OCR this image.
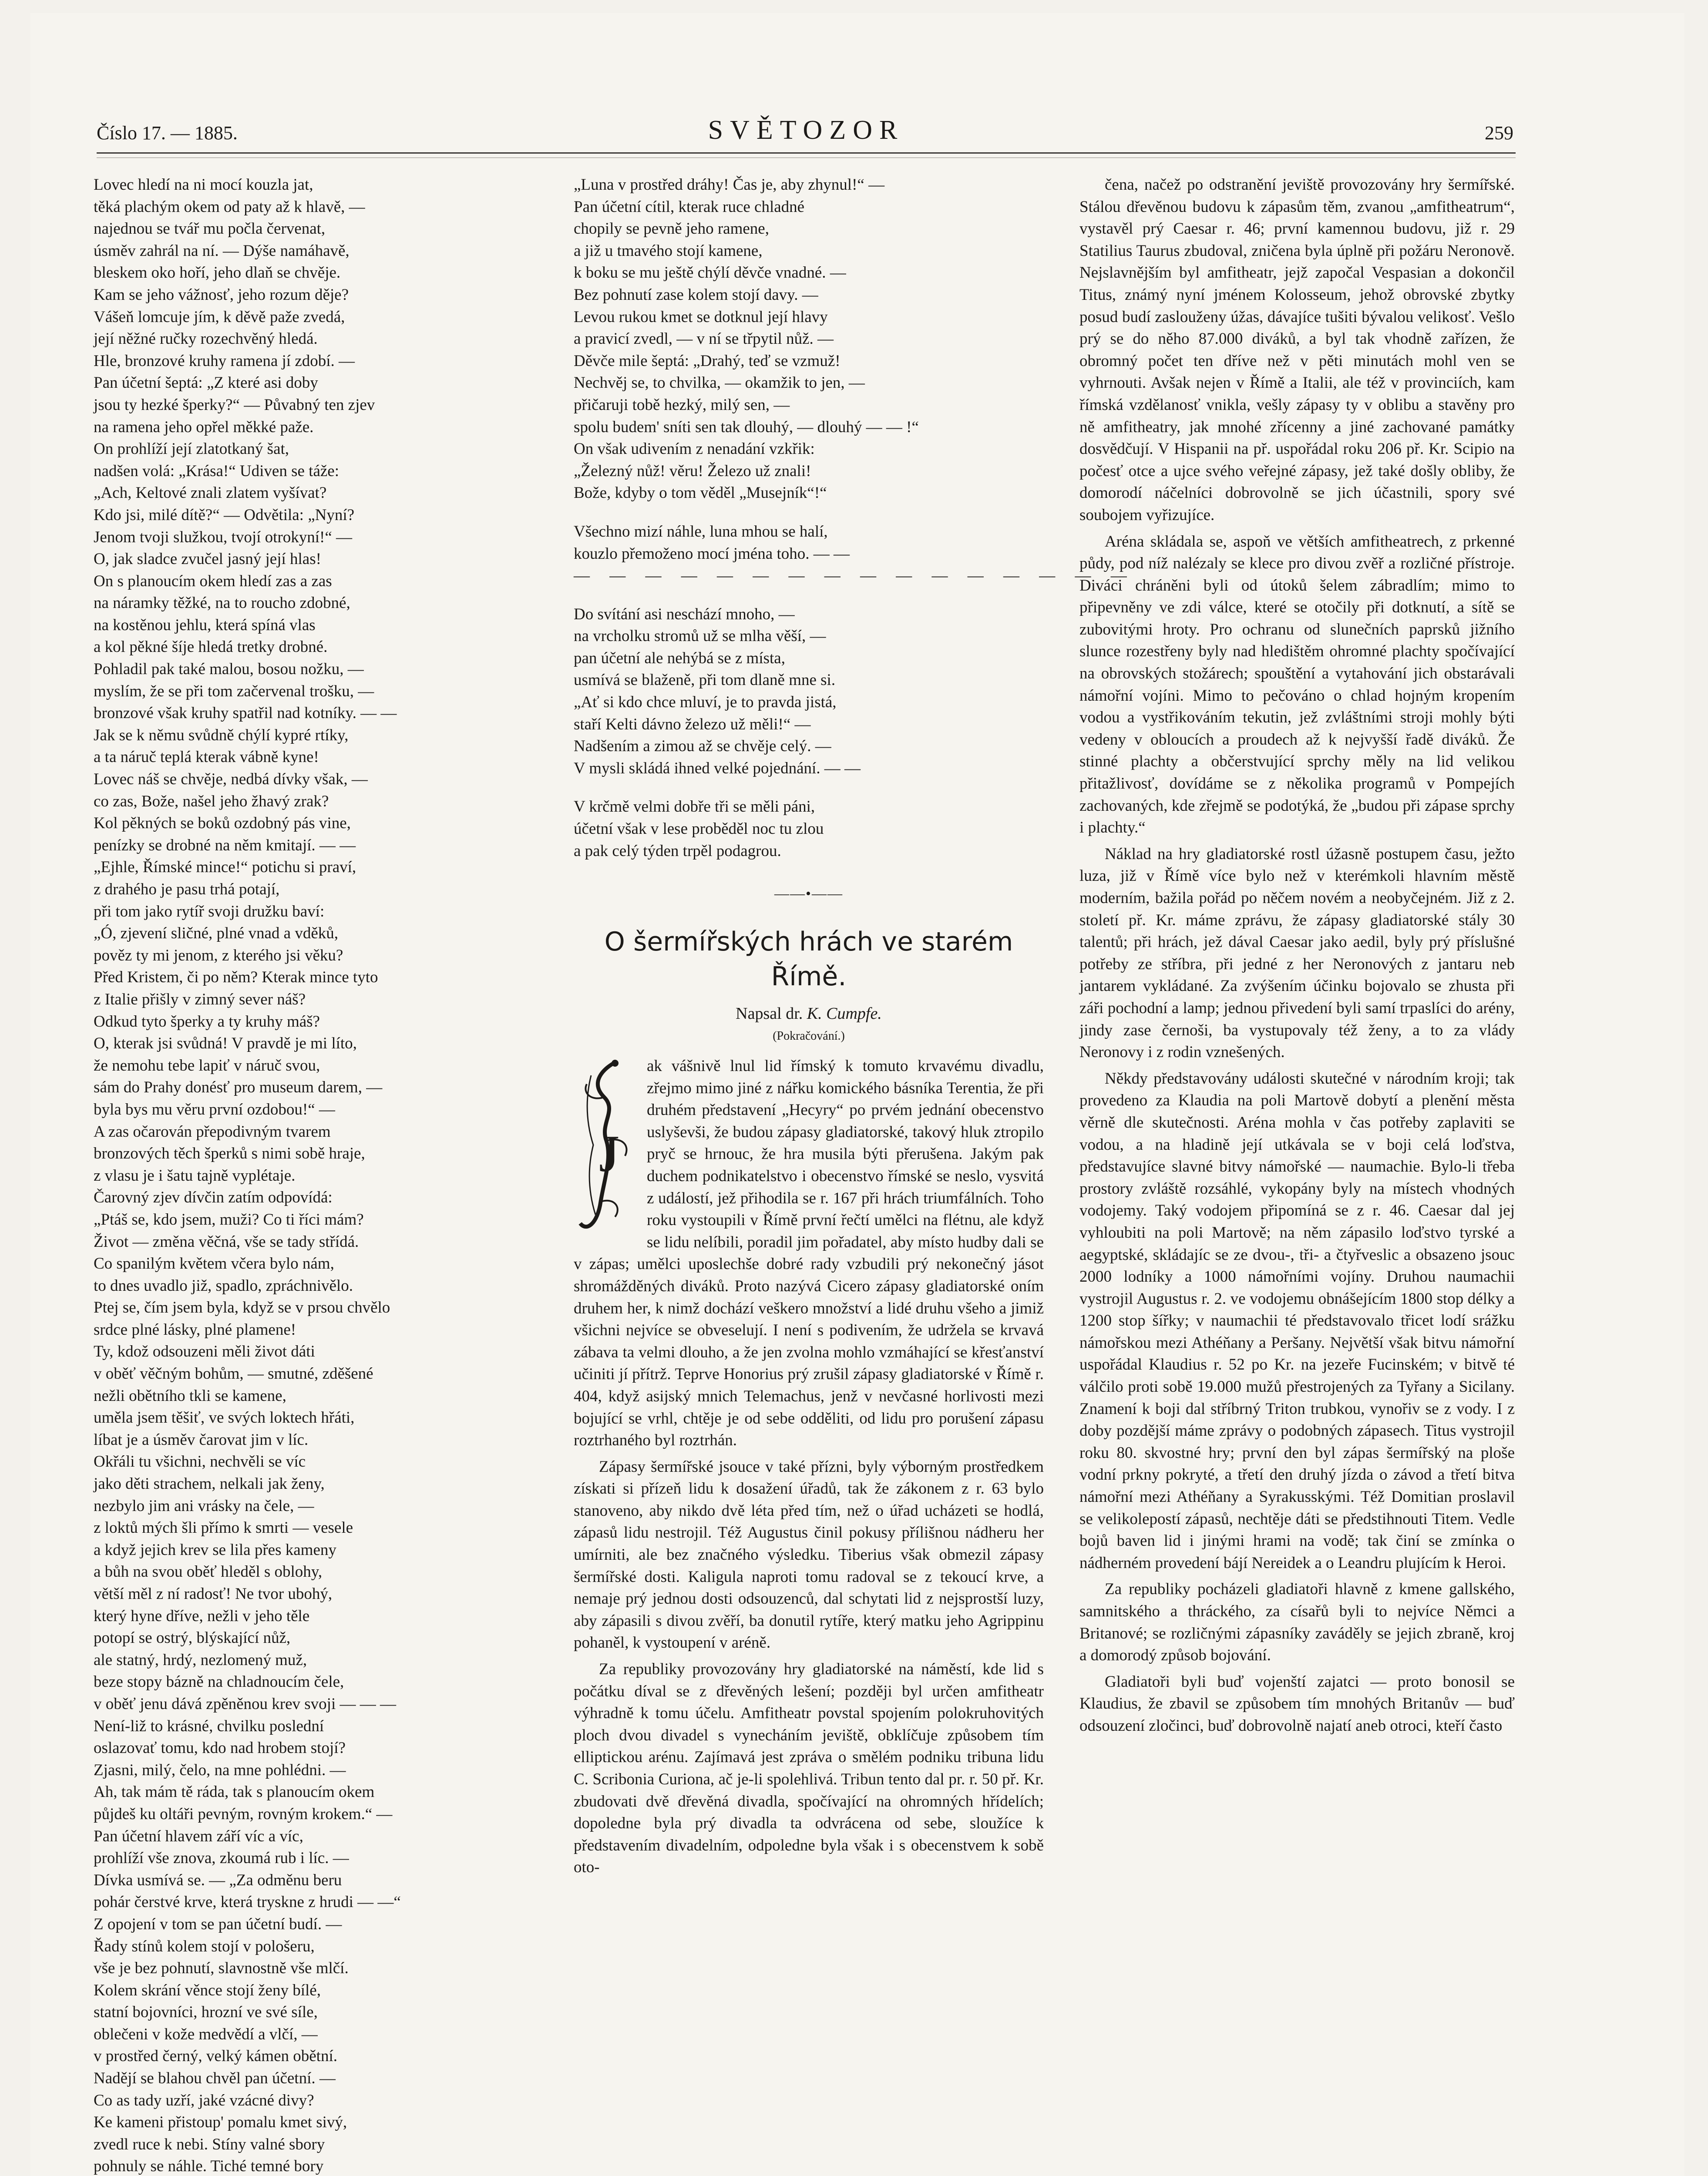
Číslo 17. — 1885.	SVĚTOZOR	259
Lovec hledí na ni mocí kouzla jat,
těká plachým okem od paty až k hlavě, —
najednou se tvář mu počla červenat,
úsměv zahrál na ní. — Dýše namáhavě,
bleskem oko hoří, jeho dlaň se chvěje.
Kam se jeho vážnosť, jeho rozum děje?
Vášeň lomcuje jím, k děvě paže zvedá,
její něžné ručky rozechvěný hledá.
Hle, bronzové kruhy ramena jí zdobí. —
Pan účetní šeptá: „Z které asi doby
jsou ty hezké šperky?“ — Půvabný ten zjev
na ramena jeho opřel měkké paže.
On prohlíží její zlatotkaný šat,
nadšen volá: „Krása!“ Udiven se táže:
„Ach, Keltové znali zlatem vyšívat?
Kdo jsi, milé dítě?“ — Odvětila: „Nyní?
Jenom tvoji služkou, tvojí otrokyní!“ —
O, jak sladce zvučel jasný její hlas!
On s planoucím okem hledí zas a zas
na náramky těžké, na to roucho zdobné,
na kostěnou jehlu, která spíná vlas
a kol pěkné šíje hledá tretky drobné.
Pohladil pak také malou, bosou nožku, —
myslím, že se při tom začervenal trošku, —
bronzové však kruhy spatřil nad kotníky. — —
Jak se k němu svůdně chýlí kypré rtíky,
a ta náruč teplá kterak vábně kyne!
Lovec náš se chvěje, nedbá dívky však, —
co zas, Bože, našel jeho žhavý zrak?
Kol pěkných se boků ozdobný pás vine,
penízky se drobné na něm kmitají. — —
„Ejhle, Římské mince!“ potichu si praví,
z drahého je pasu trhá potají,
při tom jako rytíř svoji družku baví:
„Ó, zjevení sličné, plné vnad a vděků,
pověz ty mi jenom, z kterého jsi věku?
Před Kristem, či po něm? Kterak mince tyto
z Italie přišly v zimný sever náš?
Odkud tyto šperky a ty kruhy máš?
O, kterak jsi svůdná! V pravdě je mi líto,
že nemohu tebe lapiť v náruč svou,
sám do Prahy donésť pro museum darem, —
byla bys mu věru první ozdobou!“ —
A zas očarován přepodivným tvarem
bronzových těch šperků s nimi sobě hraje,
z vlasu je i šatu tajně vyplétaje.
Čarovný zjev dívčin zatím odpovídá:
„Ptáš se, kdo jsem, muži? Co ti říci mám?
Život — změna věčná, vše se tady střídá.
Co spanilým květem včera bylo nám,
to dnes uvadlo již, spadlo, zpráchnivělo.
Ptej se, čím jsem byla, když se v prsou chvělo
srdce plné lásky, plné plamene!
Ty, kdož odsouzeni měli život dáti
v oběť věčným bohům, — smutné, zděšené
nežli obětního tkli se kamene,
uměla jsem těšiť, ve svých loktech hřáti,
líbat je a úsměv čarovat jim v líc.
Okřáli tu všichni, nechvěli se víc
jako děti strachem, nelkali jak ženy,
nezbylo jim ani vrásky na čele, —
z loktů mých šli přímo k smrti — vesele
a když jejich krev se lila přes kameny
a bůh na svou oběť hleděl s oblohy,
větší měl z ní radosť! Ne tvor ubohý,
který hyne dříve, nežli v jeho těle
potopí se ostrý, blýskající nůž,
ale statný, hrdý, nezlomený muž,
beze stopy bázně na chladnoucím čele,
v oběť jenu dává zpěněnou krev svoji — — —
Není-liž to krásné, chvilku poslední
oslazovať tomu, kdo nad hrobem stojí?
Zjasni, milý, čelo, na mne pohlédni. —
Ah, tak mám tě ráda, tak s planoucím okem
půjdeš ku oltáři pevným, rovným krokem.“ —
Pan účetní hlavem září víc a víc,
prohlíží vše znova, zkoumá rub i líc. —
Dívka usmívá se. — „Za odměnu beru
pohár čerstvé krve, která tryskne z hrudi — —“
Z opojení v tom se pan účetní budí. —
Řady stínů kolem stojí v pološeru,
vše je bez pohnutí, slavnostně vše mlčí.
Kolem skrání věnce stojí ženy bílé,
statní bojovníci, hrozní ve své síle,
oblečeni v kože medvědí a vlčí, —
v prostřed černý, velký kámen obětní.
Nadějí se blahou chvěl pan účetní. —
Co as tady uzří, jaké vzácné divy?
Ke kameni přistoup' pomalu kmet sivý,
zvedl ruce k nebi. Stíny valné sbory
pohnuly se náhle. Tiché temné bory
„Luna v prostřed dráhy! Čas je, aby zhynul!“ —
Pan účetní cítil, kterak ruce chladné
chopily se pevně jeho ramene,
a již u tmavého stojí kamene,
k boku se mu ještě chýlí děvče vnadné. —
Bez pohnutí zase kolem stojí davy. —
Levou rukou kmet se dotknul její hlavy
a pravicí zvedl, — v ní se třpytil nůž. —
Děvče mile šeptá: „Drahý, teď se vzmuž!
Nechvěj se, to chvilka, — okamžik to jen, —
přičaruji tobě hezký, milý sen, —
spolu budem' sníti sen tak dlouhý, — dlouhý — — !“
On však udivením z nenadání vzkřik:
„Železný nůž! věru! Železo už znali!
Bože, kdyby o tom věděl „Musejník“!“
Všechno mizí náhle, luna mhou se halí,
kouzlo přemoženo mocí jména toho. — —
— — — — — — — — — — — — — — — —
Do svítání asi neschází mnoho, —
na vrcholku stromů už se mlha věší, —
pan účetní ale nehýbá se z místa,
usmívá se blaženě, při tom dlaně mne si.
„Ať si kdo chce mluví, je to pravda jistá,
staří Kelti dávno železo už měli!“ —
Nadšením a zimou až se chvěje celý. —
V mysli skládá ihned velké pojednání. — —
V krčmě velmi dobře tři se měli páni,
účetní však v lese proběděl noc tu zlou
a pak celý týden trpěl podagrou.
——•——
O šermířských hrách ve starém
Římě.

Napsal dr. K. Cumpfe.

(Pokračování.)

J

ak vášnivě lnul lid římský k tomuto krvavému divadlu, zřejmo mimo jiné z nářku komického básníka Terentia, že při druhém představení „Hecyry“ po prvém jednání obecenstvo uslyševši, že budou zápasy gladiatorské, takový hluk ztropilo pryč se hrnouc, že hra musila býti přerušena. Jakým pak duchem podnikatelstvo i obecenstvo římské se neslo, vysvitá z událostí, jež přihodila se r. 167 při hrách triumfálních. Toho roku vystoupili v Římě první řečtí umělci na flétnu, ale když se lidu nelíbili, poradil jim pořadatel, aby místo hudby dali se v zápas; umělci uposlechše dobré rady vzbudili prý nekonečný jásot shromážděných diváků. Proto nazývá Cicero zápasy gladiatorské oním druhem her, k nimž dochází veškero množství a lidé druhu všeho a jimiž všichni nejvíce se obveselují. I není s podivením, že udržela se krvavá zábava ta velmi dlouho, a že jen zvolna mohlo vzmáhající se křesťanství učiniti jí přítrž. Teprve Honorius prý zrušil zápasy gladiatorské v Římě r. 404, když asijský mnich Telemachus, jenž v nevčasné horlivosti mezi bojující se vrhl, chtěje je od sebe odděliti, od lidu pro porušení zápasu roztrhaného byl roztrhán.

Zápasy šermířské jsouce v také přízni, byly výborným prostředkem získati si přízeň lidu k dosažení úřadů, tak že zákonem z r. 63 bylo stanoveno, aby nikdo dvě léta před tím, než o úřad ucházeti se hodlá, zápasů lidu nestrojil. Též Augustus činil pokusy přílišnou nádheru her umírniti, ale bez značného výsledku. Tiberius však obmezil zápasy šermířské dosti. Kaligula naproti tomu radoval se z tekoucí krve, a nemaje prý jednou dosti odsouzenců, dal schytati lid z nejsprostší luzy, aby zápasili s divou zvěří, ba donutil rytíře, který matku jeho Agrippinu pohaněl, k vystoupení v aréně.

Za republiky provozovány hry gladiatorské na náměstí, kde lid s počátku díval se z dřevěných lešení; později byl určen amfitheatr výhradně k tomu účelu. Amfitheatr povstal spojením polokruhovitých ploch dvou divadel s vynecháním jeviště, obklíčuje způsobem tím elliptickou arénu. Zajímavá jest zpráva o smělém podniku tribuna lidu C. Scribonia Curiona, ač je-li spolehlivá. Tribun tento dal pr. r. 50 př. Kr. zbudovati dvě dřevěná divadla, spočívající na ohromných hřídelích; dopoledne byla prý divadla ta odvrácena od sebe, sloužíce k představením divadelním, odpoledne byla však i s obecenstvem k sobě oto-

čena, načež po odstranění jeviště provozovány hry šermířské. Stálou dřevěnou budovu k zápasům těm, zvanou „amfitheatrum“, vystavěl prý Caesar r. 46; první kamennou budovu, již r. 29 Statilius Taurus zbudoval, zničena byla úplně při požáru Neronově. Nejslavnějším byl amfitheatr, jejž započal Vespasian a dokončil Titus, známý nyní jménem Kolosseum, jehož obrovské zbytky posud budí zaslouženy úžas, dávajíce tušiti bývalou velikosť. Vešlo prý se do něho 87.000 diváků, a byl tak vhodně zařízen, že obromný počet ten dříve než v pěti minutách mohl ven se vyhrnouti. Avšak nejen v Římě a Italii, ale též v provinciích, kam římská vzdělanosť vnikla, vešly zápasy ty v oblibu a stavěny pro ně amfitheatry, jak mnohé zřícenny a jiné zachované památky dosvědčují. V Hispanii na př. uspořádal roku 206 př. Kr. Scipio na počesť otce a ujce svého veřejné zápasy, jež také došly obliby, že domorodí náčelníci dobrovolně se jich účastnili, spory své soubojem vyřizujíce.

Aréna skládala se, aspoň ve větších amfitheatrech, z prkenné půdy, pod níž nalézaly se klece pro divou zvěř a rozličné přístroje. Diváci chráněni byli od útoků šelem zábradlím; mimo to připevněny ve zdi válce, které se otočily při dotknutí, a sítě se zubovitými hroty. Pro ochranu od slunečních paprsků jižního slunce rozestřeny byly nad hledištěm ohromné plachty spočívající na obrovských stožárech; spouštění a vytahování jich obstarávali námořní vojíni. Mimo to pečováno o chlad hojným kropením vodou a vystřikováním tekutin, jež zvláštními stroji mohly býti vedeny v obloucích a proudech až k nejvyšší řadě diváků. Že stinné plachty a občerstvující sprchy měly na lid velikou přitažlivosť, dovídáme se z několika programů v Pompejích zachovaných, kde zřejmě se podotýká, že „budou při zápase sprchy i plachty.“

Náklad na hry gladiatorské rostl úžasně postupem času, ježto luza, již v Římě více bylo než v kterémkoli hlavním městě moderním, bažila pořád po něčem novém a neobyčejném. Již z 2. století př. Kr. máme zprávu, že zápasy gladiatorské stály 30 talentů; při hrách, jež dával Caesar jako aedil, byly prý příslušné potřeby ze stříbra, při jedné z her Neronových z jantaru neb jantarem vykládané. Za zvýšením účinku bojovalo se zhusta při záři pochodní a lamp; jednou přivedení byli samí trpaslíci do arény, jindy zase černoši, ba vystupovaly též ženy, a to za vlády Neronovy i z rodin vznešených.

Někdy představovány události skutečné v národním kroji; tak provedeno za Klaudia na poli Martově dobytí a plenění města věrně dle skutečnosti. Aréna mohla v čas potřeby zaplaviti se vodou, a na hladině její utkávala se v boji celá loďstva, představujíce slavné bitvy námořské — naumachie. Bylo-li třeba prostory zvláště rozsáhlé, vykopány byly na místech vhodných vodojemy. Taký vodojem připomíná se z r. 46. Caesar dal jej vyhloubiti na poli Martově; na něm zápasilo loďstvo tyrské a aegyptské, skládajíc se ze dvou-, tři- a čtyřveslic a obsazeno jsouc 2000 lodníky a 1000 námořními vojíny. Druhou naumachii vystrojil Augustus r. 2. ve vodojemu obnášejícím 1800 stop délky a 1200 stop šířky; v naumachii té představovalo třicet lodí srážku námořskou mezi Athéňany a Peršany. Největší však bitvu námořní uspořádal Klaudius r. 52 po Kr. na jezeře Fucinském; v bitvě té válčilo proti sobě 19.000 mužů přestrojených za Tyřany a Sicilany. Znamení k boji dal stříbrný Triton trubkou, vynořiv se z vody. I z doby pozdější máme zprávy o podobných zápasech. Titus vystrojil roku 80. skvostné hry; první den byl zápas šermířský na ploše vodní prkny pokryté, a třetí den druhý jízda o závod a třetí bitva námořní mezi Athéňany a Syrakusskými. Též Domitian proslavil se velikolepostí zápasů, nechtěje dáti se předstihnouti Titem. Vedle bojů baven lid i jinými hrami na vodě; tak činí se zmínka o nádherném provedení bájí Nereidek a o Leandru plujícím k Heroi.

Za republiky pocházeli gladiatoři hlavně z kmene gallského, samnitského a thráckého, za císařů byli to nejvíce Němci a Britanové; se rozličnými zápasníky zaváděly se jejich zbraně, kroj a domorodý způsob bojování.

Gladiatoři byli buď vojenští zajatci — proto bonosil se Klaudius, že zbavil se způsobem tím mnohých Britanův — buď odsouzení zločinci, buď dobrovolně najatí aneb otroci, kteří často
